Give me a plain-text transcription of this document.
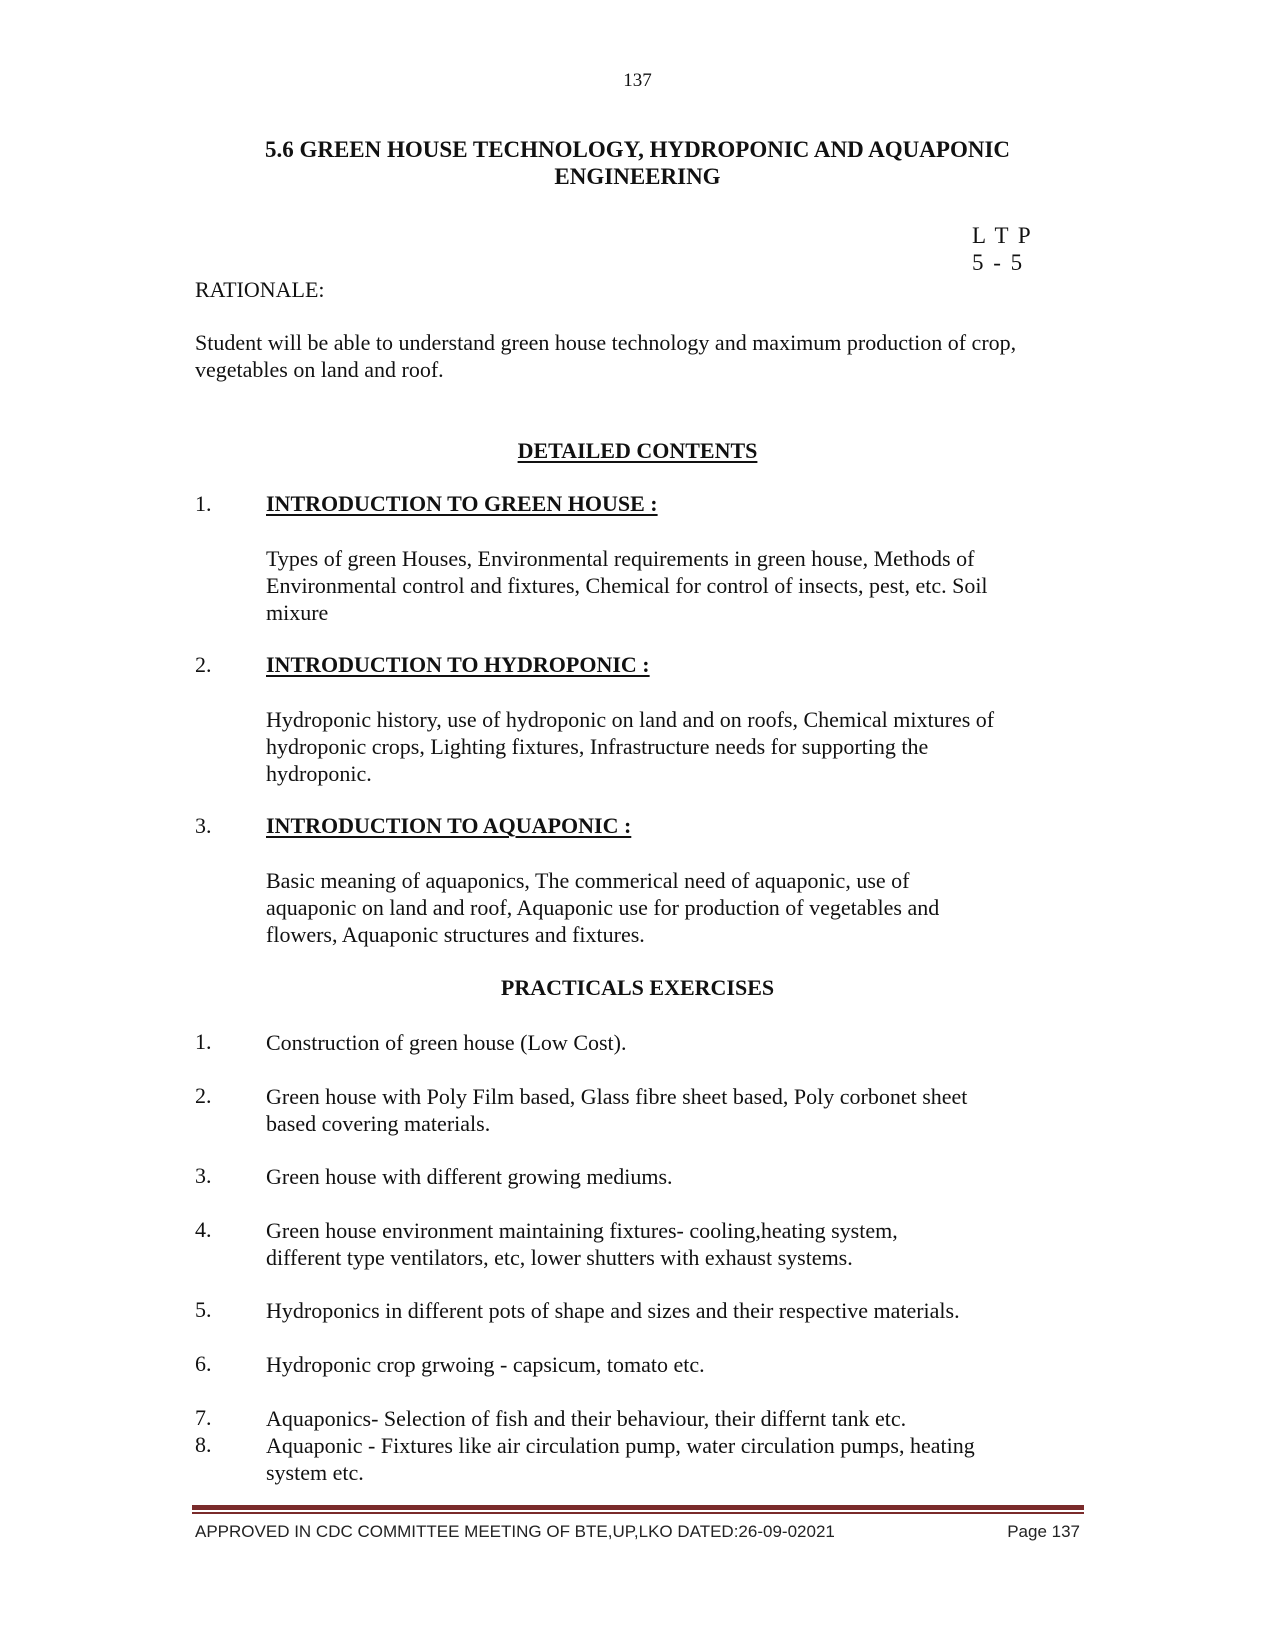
137
5.6 GREEN HOUSE TECHNOLOGY, HYDROPONIC AND AQUAPONIC
ENGINEERING
L T P
5 - 5
RATIONALE:
Student will be able to understand green house technology and maximum production of crop,
vegetables on land and roof.
DETAILED CONTENTS
1. INTRODUCTION TO GREEN HOUSE :
Types of green Houses, Environmental requirements in green house, Methods of
Environmental control and fixtures, Chemical for control of insects, pest, etc. Soil
mixure
2. INTRODUCTION TO HYDROPONIC :
Hydroponic history, use of hydroponic on land and on roofs, Chemical mixtures of
hydroponic crops, Lighting fixtures, Infrastructure needs for supporting the
hydroponic.
3. INTRODUCTION TO AQUAPONIC :
Basic meaning of aquaponics, The commerical need of aquaponic, use of
aquaponic on land and roof, Aquaponic use for production of vegetables and
flowers, Aquaponic structures and fixtures.
PRACTICALS EXERCISES
1. Construction of green house (Low Cost).
2. Green house with Poly Film based, Glass fibre sheet based, Poly corbonet sheet
based covering materials.
3. Green house with different growing mediums.
4. Green house environment maintaining fixtures- cooling,heating system,
different type ventilators, etc, lower shutters with exhaust systems.
5. Hydroponics in different pots of shape and sizes and their respective materials.
6. Hydroponic crop grwoing - capsicum, tomato etc.
7. Aquaponics- Selection of fish and their behaviour, their differnt tank etc.
8. Aquaponic - Fixtures like air circulation pump, water circulation pumps, heating
system etc.
APPROVED IN CDC COMMITTEE MEETING OF BTE,UP,LKO DATED:26-09-02021	Page 137
